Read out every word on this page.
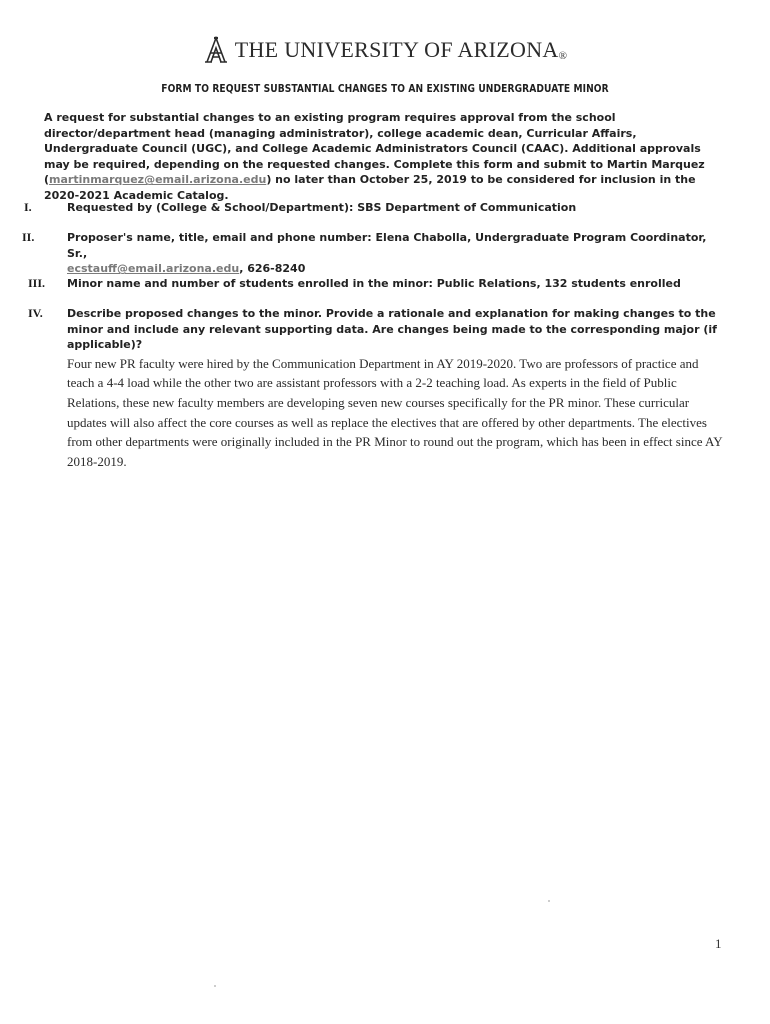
THE UNIVERSITY OF ARIZONA®
FORM TO REQUEST SUBSTANTIAL CHANGES TO AN EXISTING UNDERGRADUATE MINOR
A request for substantial changes to an existing program requires approval from the school director/department head (managing administrator), college academic dean, Curricular Affairs, Undergraduate Council (UGC), and College Academic Administrators Council (CAAC). Additional approvals may be required, depending on the requested changes. Complete this form and submit to Martin Marquez (martinmarquez@email.arizona.edu) no later than October 25, 2019 to be considered for inclusion in the 2020-2021 Academic Catalog.
I.	Requested by (College & School/Department): SBS Department of Communication
II.	Proposer's name, title, email and phone number: Elena Chabolla, Undergraduate Program Coordinator, Sr.,
ecstauff@email.arizona.edu, 626-8240
III.	Minor name and number of students enrolled in the minor: Public Relations, 132 students enrolled
IV.	Describe proposed changes to the minor. Provide a rationale and explanation for making changes to the minor and include any relevant supporting data. Are changes being made to the corresponding major (if applicable)?
Four new PR faculty were hired by the Communication Department in AY 2019-2020. Two are professors of practice and teach a 4-4 load while the other two are assistant professors with a 2-2 teaching load. As experts in the field of Public Relations, these new faculty members are developing seven new courses specifically for the PR minor. These curricular updates will also affect the core courses as well as replace the electives that are offered by other departments. The electives from other departments were originally included in the PR Minor to round out the program, which has been in effect since AY 2018-2019.
1
